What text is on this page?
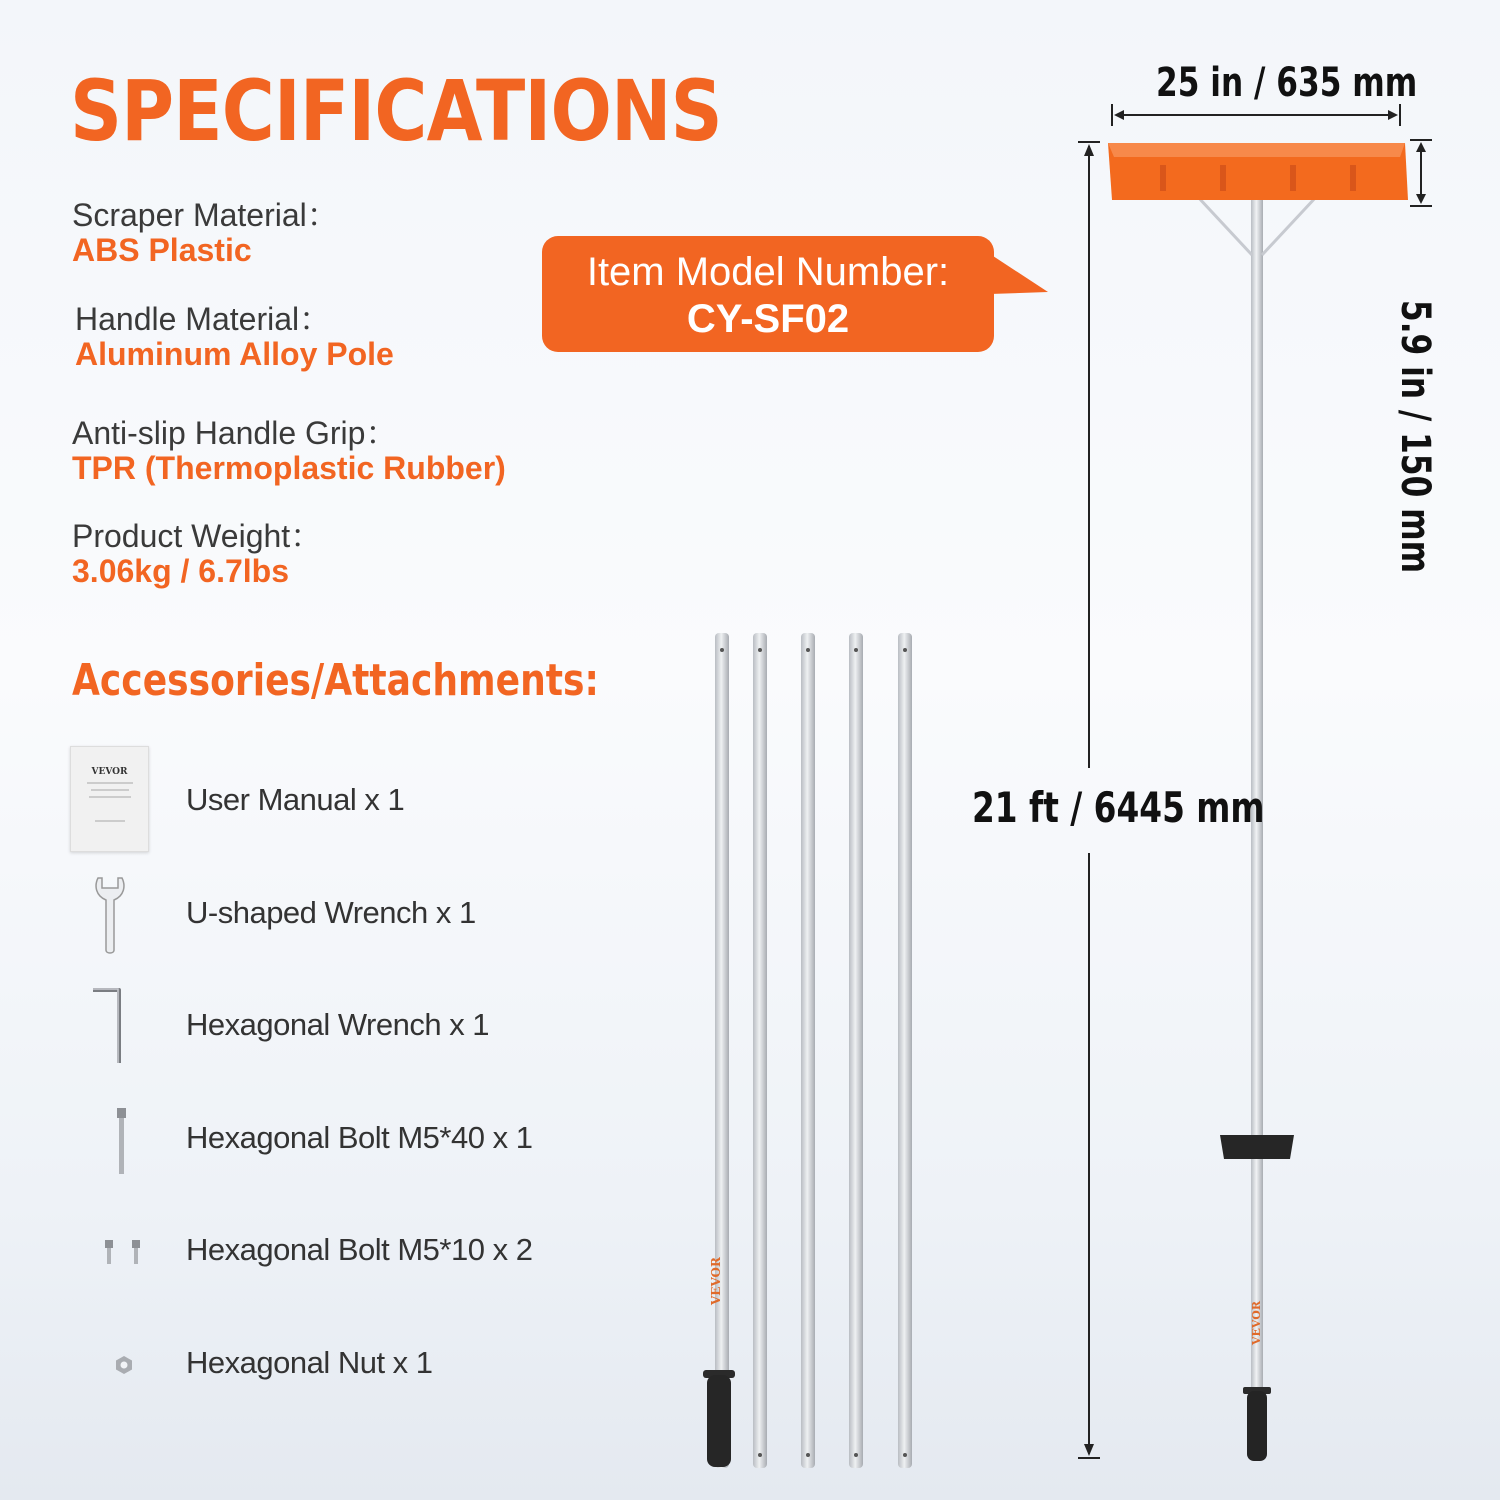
SPECIFICATIONS
Scraper Material：
ABS Plastic
Handle Material：
Aluminum Alloy Pole
Anti-slip Handle Grip：
TPR (Thermoplastic Rubber)
Product Weight：
3.06kg / 6.7lbs
Item Model Number:
CY-SF02
Accessories/Attachments:
VEVOR
User Manual x 1
U-shaped Wrench x 1
Hexagonal Wrench x 1
Hexagonal Bolt M5*40 x 1
Hexagonal Bolt M5*10 x 2
Hexagonal Nut x 1
VEVOR
VEVOR
25 in / 635 mm
5.9 in / 150 mm
21 ft / 6445 mm
